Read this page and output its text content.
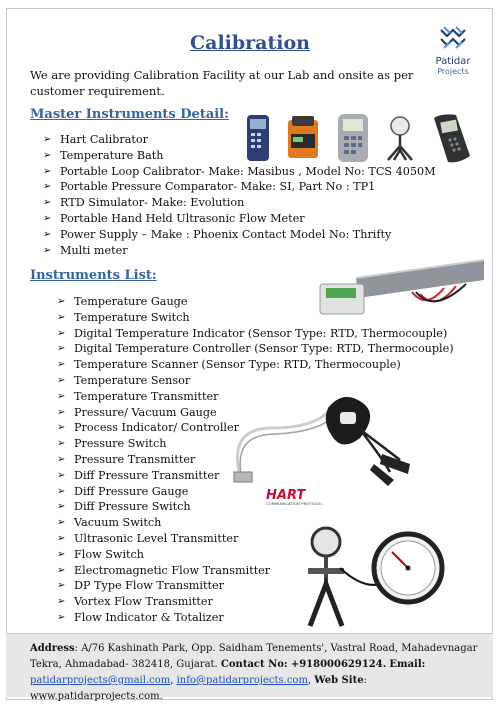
Calibration
Patidar
Projects
We are providing Calibration Facility at our Lab and onsite as per customer requirement.
Master Instruments Detail:
➢ Hart Calibrator
➢ Temperature Bath
➢ Portable Loop Calibrator- Make: Masibus , Model No: TCS 4050M
➢ Portable Pressure Comparator- Make: SI, Part No : TP1
➢ RTD Simulator- Make: Evolution
➢ Portable Hand Held Ultrasonic Flow Meter
➢ Power Supply – Make : Phoenix Contact Model No: Thrifty
➢ Multi meter
Instruments List:
➢ Temperature Gauge
➢ Temperature Switch
➢ Digital Temperature Indicator (Sensor Type: RTD, Thermocouple)
➢ Digital Temperature Controller (Sensor Type: RTD, Thermocouple)
➢ Temperature Scanner (Sensor Type: RTD, Thermocouple)
➢ Temperature Sensor
➢ Temperature Transmitter
➢ Pressure/ Vacuum Gauge
➢ Process Indicator/ Controller
➢ Pressure Switch
➢ Pressure Transmitter
➢ Diff Pressure Transmitter
➢ Diff Pressure Gauge
➢ Diff Pressure Switch
➢ Vacuum Switch
➢ Ultrasonic Level Transmitter
➢ Flow Switch
➢ Electromagnetic Flow Transmitter
➢ DP Type Flow Transmitter
➢ Vortex Flow Transmitter
➢ Flow Indicator & Totalizer
HART
COMMUNICATION PROTOCOL
Address: A/76 Kashinath Park, Opp. Saidham Tenements', Vastral Road, Mahadevnagar Tekra, Ahmadabad- 382418, Gujarat. Contact No: +918000629124. Email: patidarprojects@gmail.com, info@patidarprojects.com, Web Site: www.patidarprojects.com.
